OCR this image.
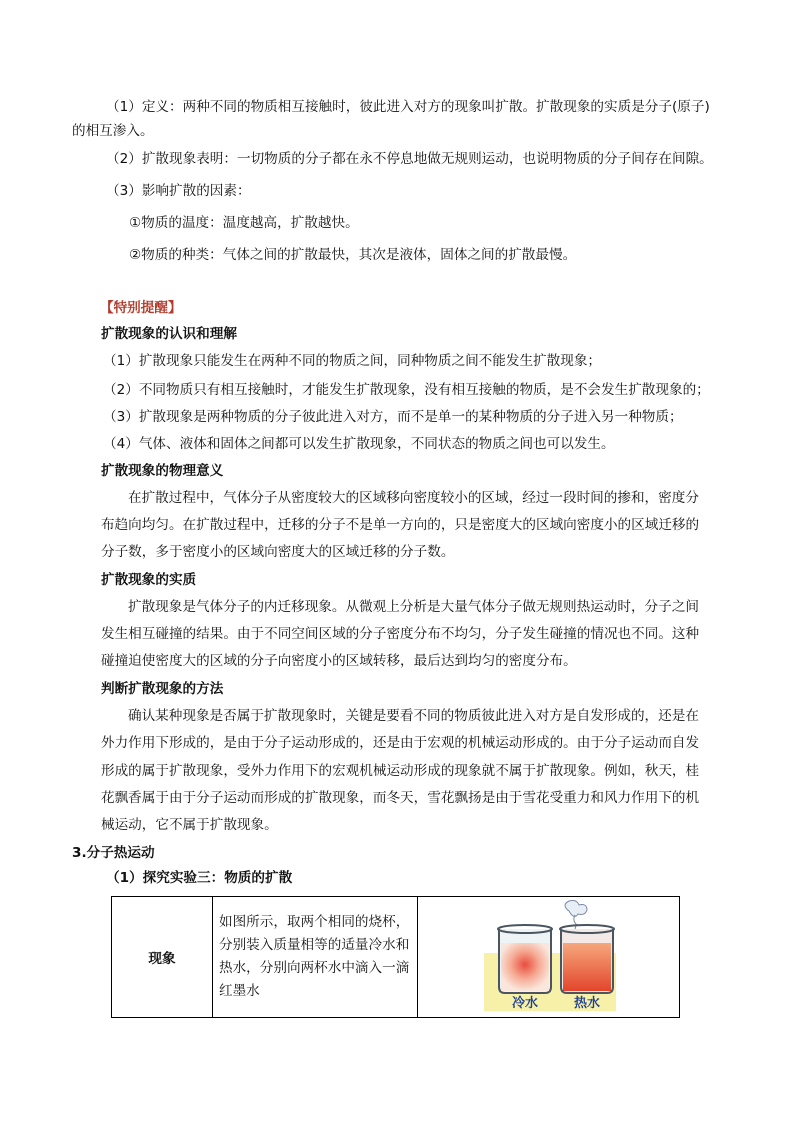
（1）定义：两种不同的物质相互接触时，彼此进入对方的现象叫扩散。扩散现象的实质是分子(原子)
的相互渗入。
（2）扩散现象表明：一切物质的分子都在永不停息地做无规则运动，也说明物质的分子间存在间隙。
（3）影响扩散的因素：
①物质的温度：温度越高，扩散越快。
②物质的种类：气体之间的扩散最快，其次是液体，固体之间的扩散最慢。
【特别提醒】
扩散现象的认识和理解
（1）扩散现象只能发生在两种不同的物质之间，同种物质之间不能发生扩散现象；
（2）不同物质只有相互接触时，才能发生扩散现象，没有相互接触的物质，是不会发生扩散现象的；
（3）扩散现象是两种物质的分子彼此进入对方，而不是单一的某种物质的分子进入另一种物质；
（4）气体、液体和固体之间都可以发生扩散现象，不同状态的物质之间也可以发生。
扩散现象的物理意义
在扩散过程中，气体分子从密度较大的区域移向密度较小的区域，经过一段时间的掺和，密度分
布趋向均匀。在扩散过程中，迁移的分子不是单一方向的，只是密度大的区域向密度小的区域迁移的
分子数，多于密度小的区域向密度大的区域迁移的分子数。
扩散现象的实质
扩散现象是气体分子的内迁移现象。从微观上分析是大量气体分子做无规则热运动时，分子之间
发生相互碰撞的结果。由于不同空间区域的分子密度分布不均匀，分子发生碰撞的情况也不同。这种
碰撞迫使密度大的区域的分子向密度小的区域转移，最后达到均匀的密度分布。
判断扩散现象的方法
确认某种现象是否属于扩散现象时，关键是要看不同的物质彼此进入对方是自发形成的，还是在
外力作用下形成的，是由于分子运动形成的，还是由于宏观的机械运动形成的。由于分子运动而自发
形成的属于扩散现象，受外力作用下的宏观机械运动形成的现象就不属于扩散现象。例如，秋天，桂
花飘香属于由于分子运动而形成的扩散现象，而冬天，雪花飘扬是由于雪花受重力和风力作用下的机
械运动，它不属于扩散现象。
3.分子热运动
（1）探究实验三：物质的扩散
现象	如图所示，取两个相同的烧杯，分别装入质量相等的适量冷水和热水，分别向两杯水中滴入一滴红墨水	
冷水	热水
